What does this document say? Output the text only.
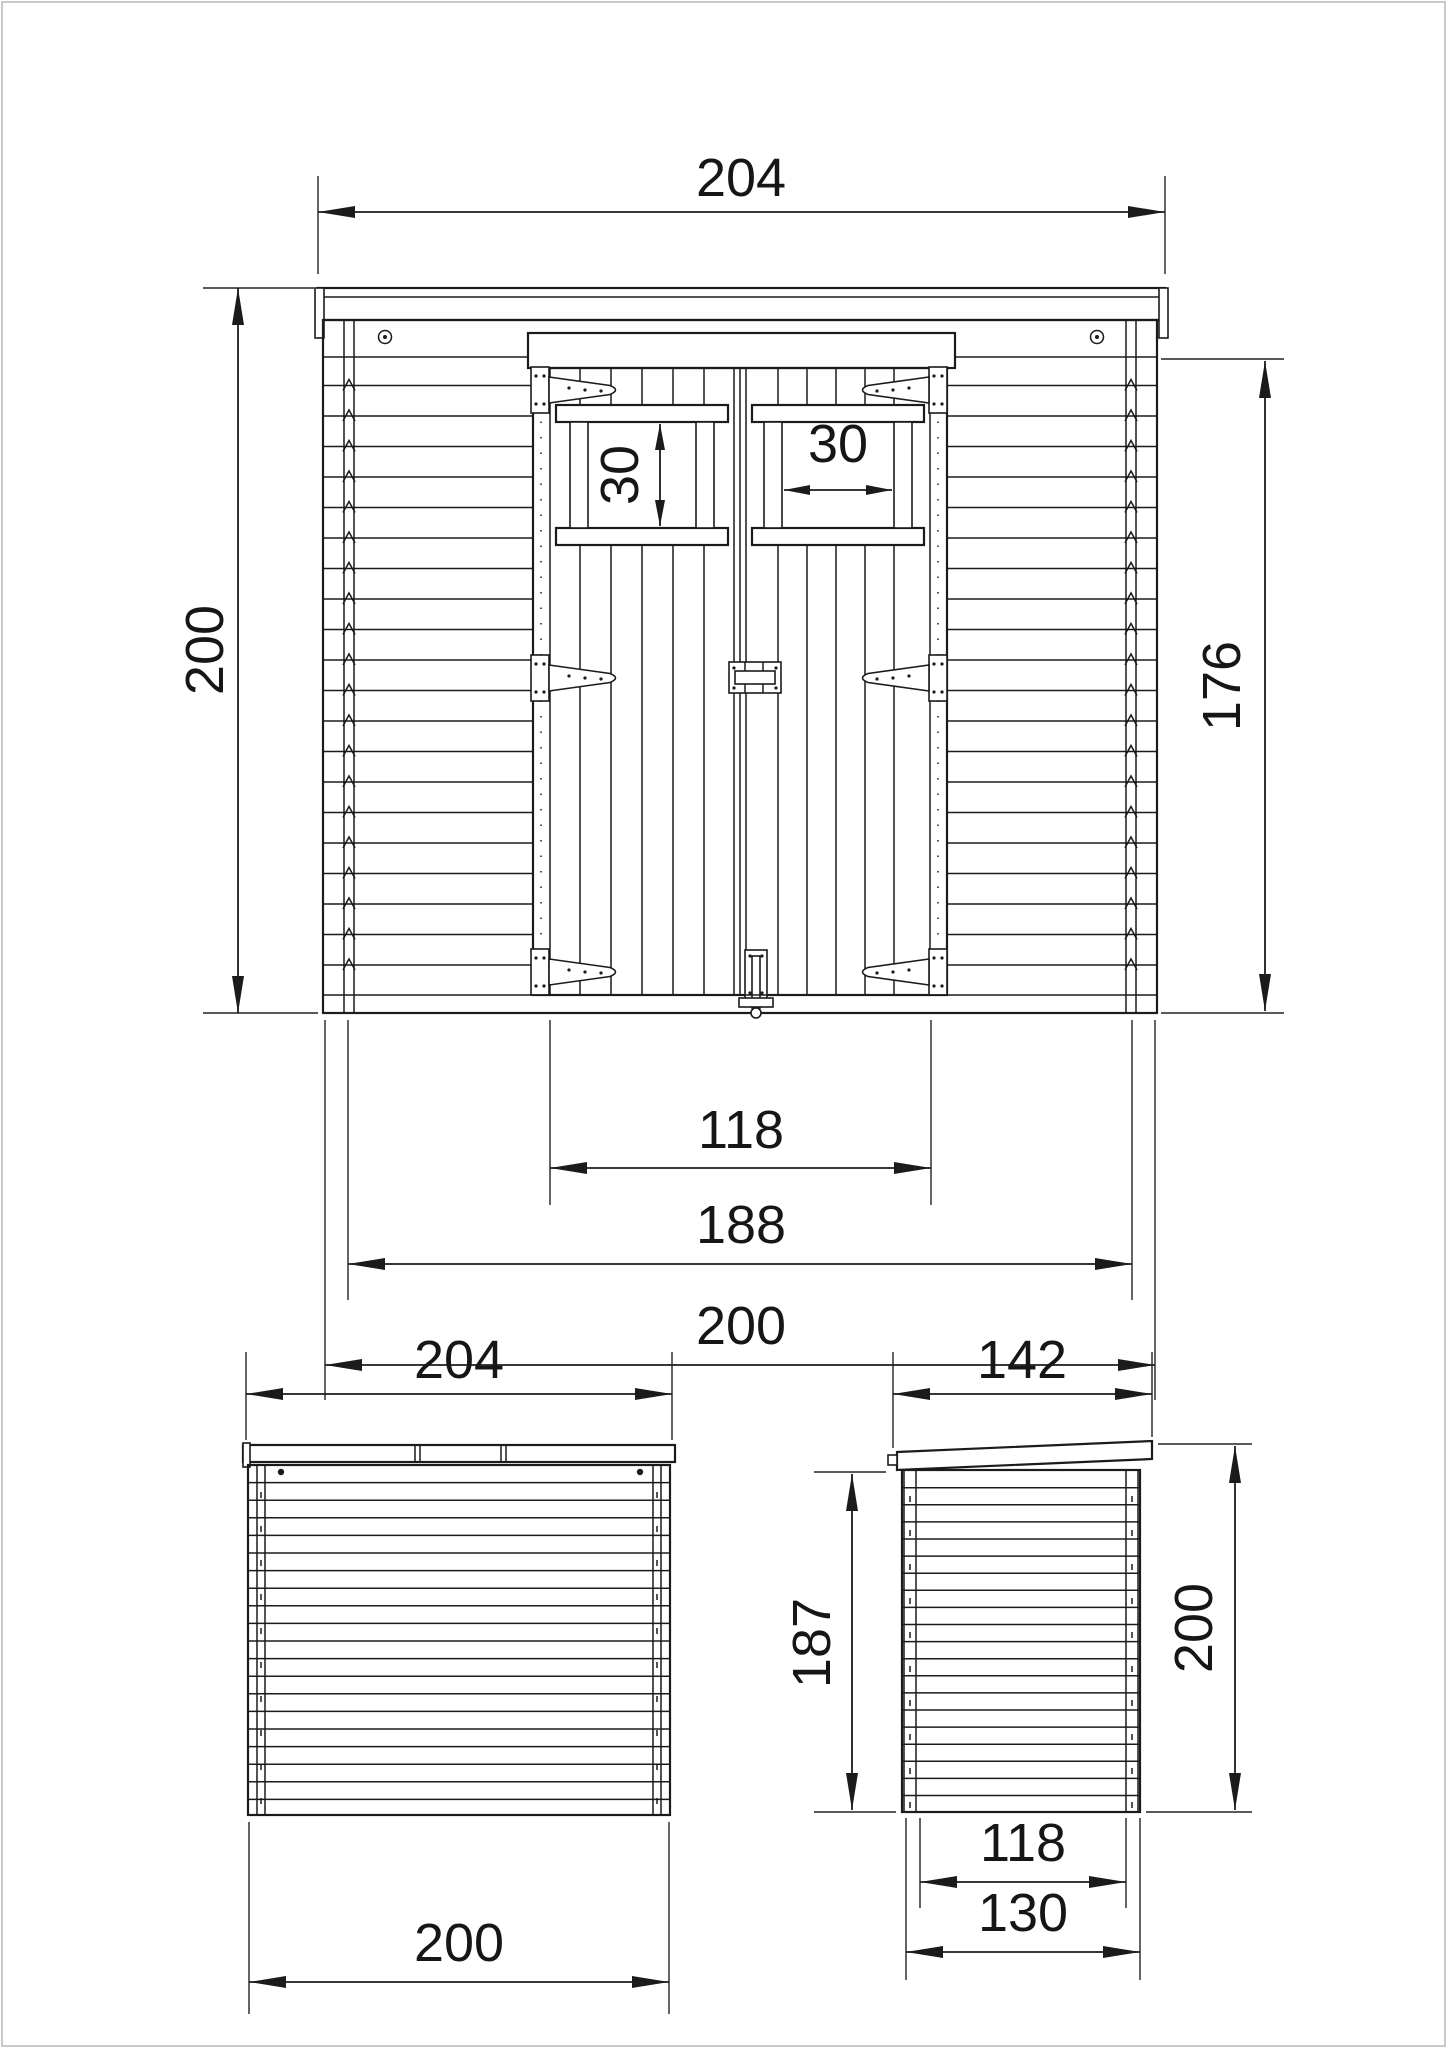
204
200	176
30
30
118
188
200
204
200
142
187	200
118
130
